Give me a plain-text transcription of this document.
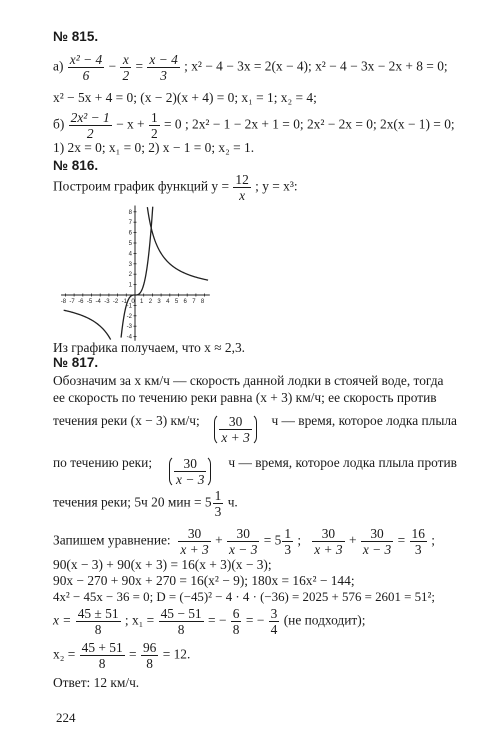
№ 815.
$а) \frac{\text{x² − 4}}{6} - \frac{x}{2} = \frac{x - 4}{3}$ ; x² − 4 − 3x = 2(x − 4); x² − 4 − 3x − 2x + 8 = 0;
x² − 5x + 4 = 0; (x − 2)(x + 4) = 0; x₁ = 1; x₂ = 4;
$б) \frac{\text{2x² − 1}}{2} - x + \frac{1}{2} = 0$ ; 2x² − 1 − 2x + 1 = 0; 2x² − 2x = 0; 2x(x − 1) = 0;
1) 2x = 0; x₁ = 0; 2) x − 1 = 0; x₂ = 1.
№ 816.
Построим график функций $y = \frac{12}{x}$ ; y = x³:
-8 -7 -6 -5 -4 -3 -2 -1 0 1 2 3 4 5 6 7 8
8
7
6
5
4
3
2
1
-1
-2
-3
-4
Из графика получаем, что x ≈ 2,3.
№ 817.
Обозначим за x км/ч — скорость данной лодки в стоячей воде, тогда
ее скорость по течению реки равна (x + 3) км/ч; ее скорость против
течения реки (x − 3) км/ч; $\frac{30}{x + 3}$ ч — время, которое лодка плыла
по течению реки; $\frac{30}{x - 3}$ ч — время, которое лодка плыла против
течения реки; 5ч 20 мин = $5 \frac{1}{3} ч$.
Запишем уравнение: $\frac{30}{x + 3} + \frac{30}{x - 3} = 5 \frac{1}{3}$ ; $\frac{30}{x + 3} + \frac{30}{x - 3} = \frac{16}{3}$ ;
90(x − 3) + 90(x + 3) = 16(x + 3)(x − 3);
90x − 270 + 90x + 270 = 16(x² − 9); 180x = 16x² − 144;
4x² − 45x − 36 = 0; D = (−45)² − 4 · 4 · (−36) = 2025 + 576 = 2601 = 51²;
$x = \frac{45 \pm 51}{8}$ ; $x_1 = \frac{45 - 51}{8}$ = − $\frac{6}{8}$ = − $\frac{3}{4} (не$ подходит);
$x_2 = \frac{45 + 51}{8} = \frac{96}{8} = 12$.
Ответ: 12 км/ч.
224
